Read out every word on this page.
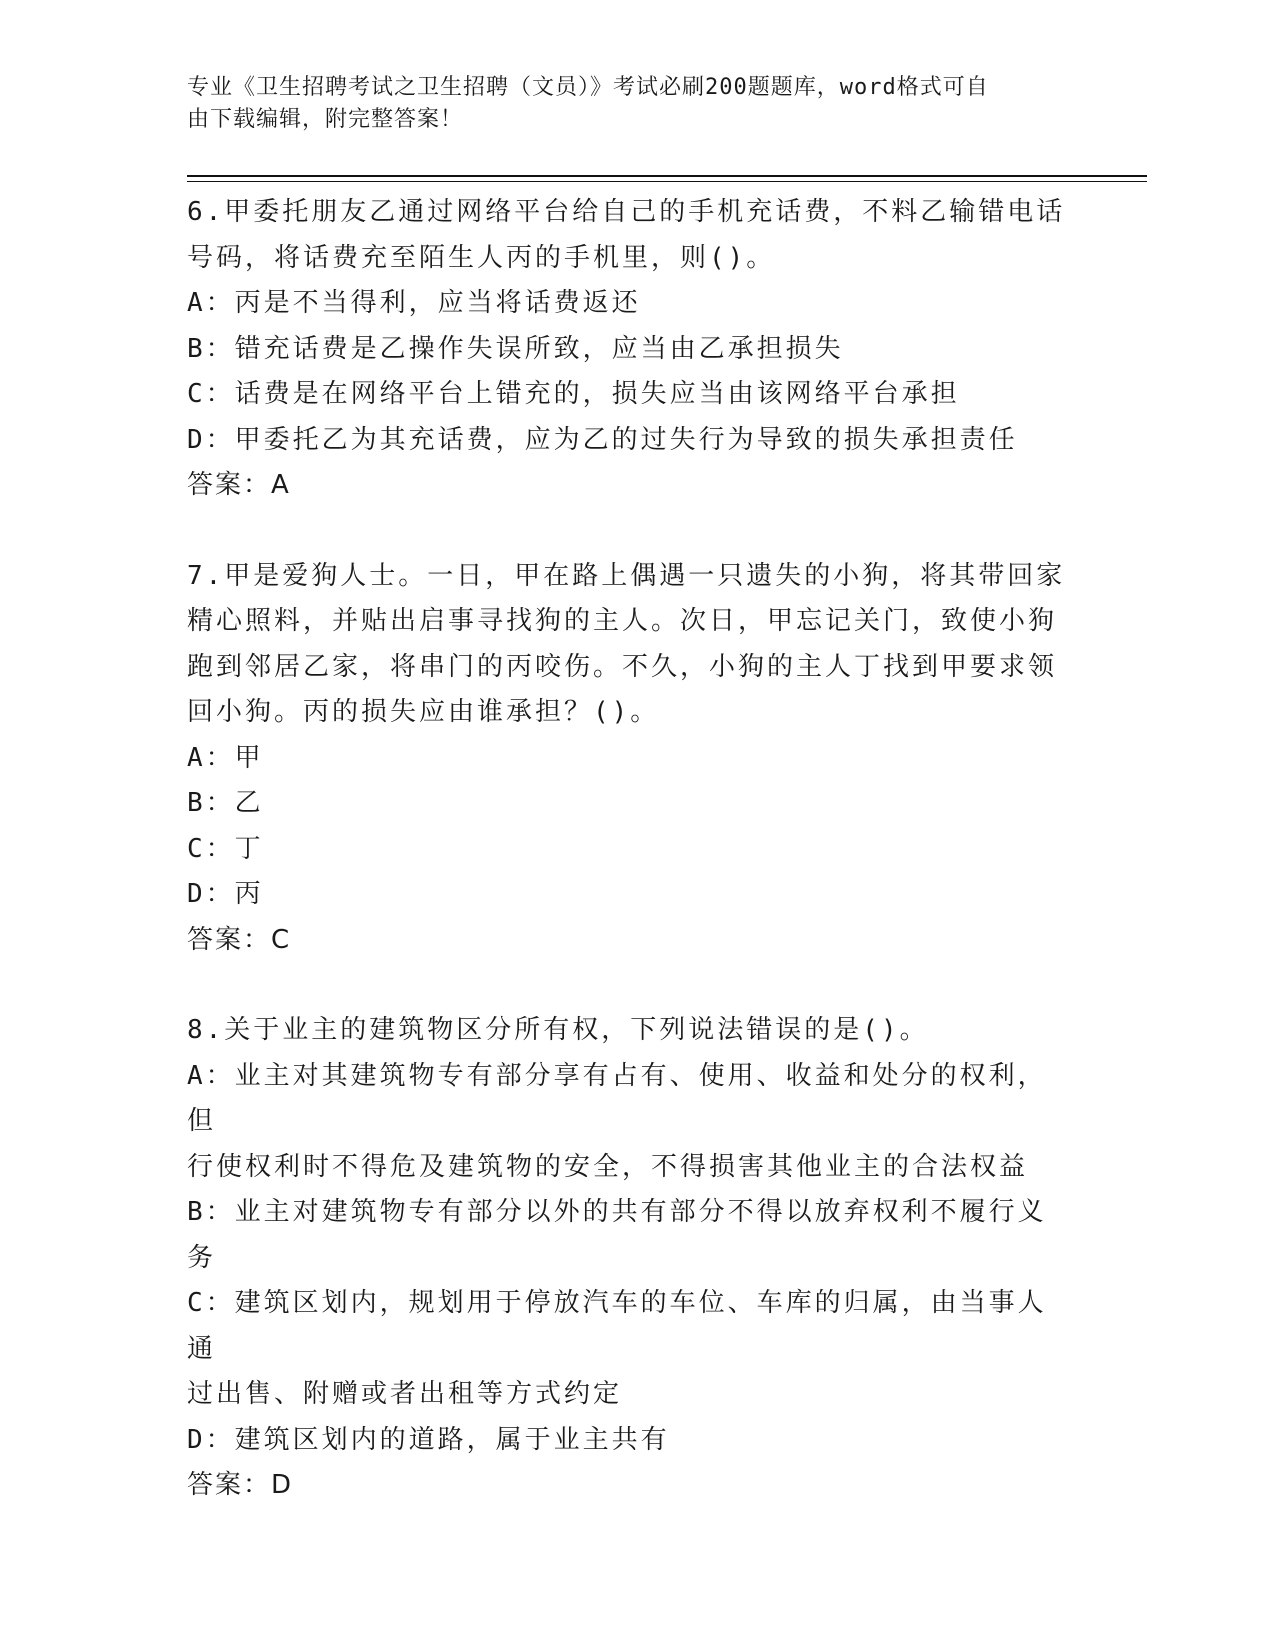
专业《卫生招聘考试之卫生招聘（文员）》考试必刷200题题库，word格式可自
由下载编辑，附完整答案！
6.甲委托朋友乙通过网络平台给自己的手机充话费，不料乙输错电话
号码，将话费充至陌生人丙的手机里，则()。
A：丙是不当得利，应当将话费返还
B：错充话费是乙操作失误所致，应当由乙承担损失
C：话费是在网络平台上错充的，损失应当由该网络平台承担
D：甲委托乙为其充话费，应为乙的过失行为导致的损失承担责任
答案：A
7.甲是爱狗人士。一日，甲在路上偶遇一只遗失的小狗，将其带回家
精心照料，并贴出启事寻找狗的主人。次日，甲忘记关门，致使小狗
跑到邻居乙家，将串门的丙咬伤。不久，小狗的主人丁找到甲要求领
回小狗。丙的损失应由谁承担？()。
A：甲
B：乙
C：丁
D：丙
答案：C
8.关于业主的建筑物区分所有权，下列说法错误的是()。
A：业主对其建筑物专有部分享有占有、使用、收益和处分的权利，但
行使权利时不得危及建筑物的安全，不得损害其他业主的合法权益
B：业主对建筑物专有部分以外的共有部分不得以放弃权利不履行义务
C：建筑区划内，规划用于停放汽车的车位、车库的归属，由当事人通
过出售、附赠或者出租等方式约定
D：建筑区划内的道路，属于业主共有
答案：D
